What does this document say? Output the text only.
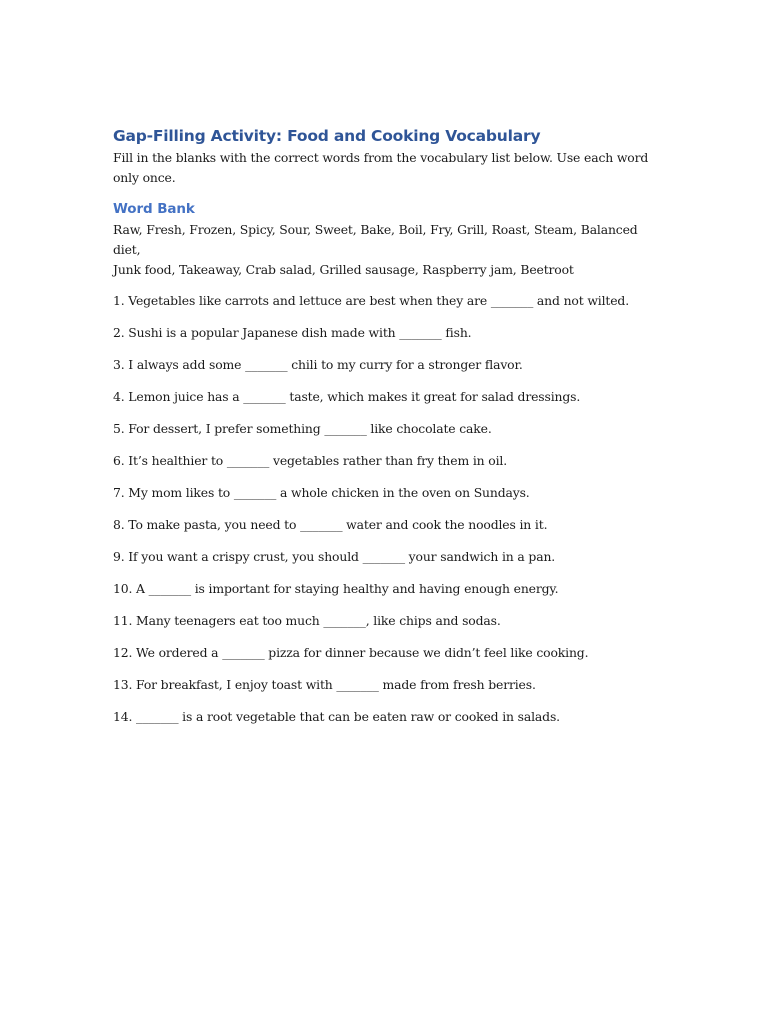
Gap-Filling Activity: Food and Cooking Vocabulary

Fill in the blanks with the correct words from the vocabulary list below. Use each word only once.

Word Bank

Raw, Fresh, Frozen, Spicy, Sour, Sweet, Bake, Boil, Fry, Grill, Roast, Steam, Balanced diet,

Junk food, Takeaway, Crab salad, Grilled sausage, Raspberry jam, Beetroot

1. Vegetables like carrots and lettuce are best when they are _______ and not wilted.
2. Sushi is a popular Japanese dish made with _______ fish.
3. I always add some _______ chili to my curry for a stronger flavor.
4. Lemon juice has a _______ taste, which makes it great for salad dressings.
5. For dessert, I prefer something _______ like chocolate cake.
6. It’s healthier to _______ vegetables rather than fry them in oil.
7. My mom likes to _______ a whole chicken in the oven on Sundays.
8. To make pasta, you need to _______ water and cook the noodles in it.
9. If you want a crispy crust, you should _______ your sandwich in a pan.
10. A _______ is important for staying healthy and having enough energy.
11. Many teenagers eat too much _______, like chips and sodas.
12. We ordered a _______ pizza for dinner because we didn’t feel like cooking.
13. For breakfast, I enjoy toast with _______ made from fresh berries.
14. _______ is a root vegetable that can be eaten raw or cooked in salads.
